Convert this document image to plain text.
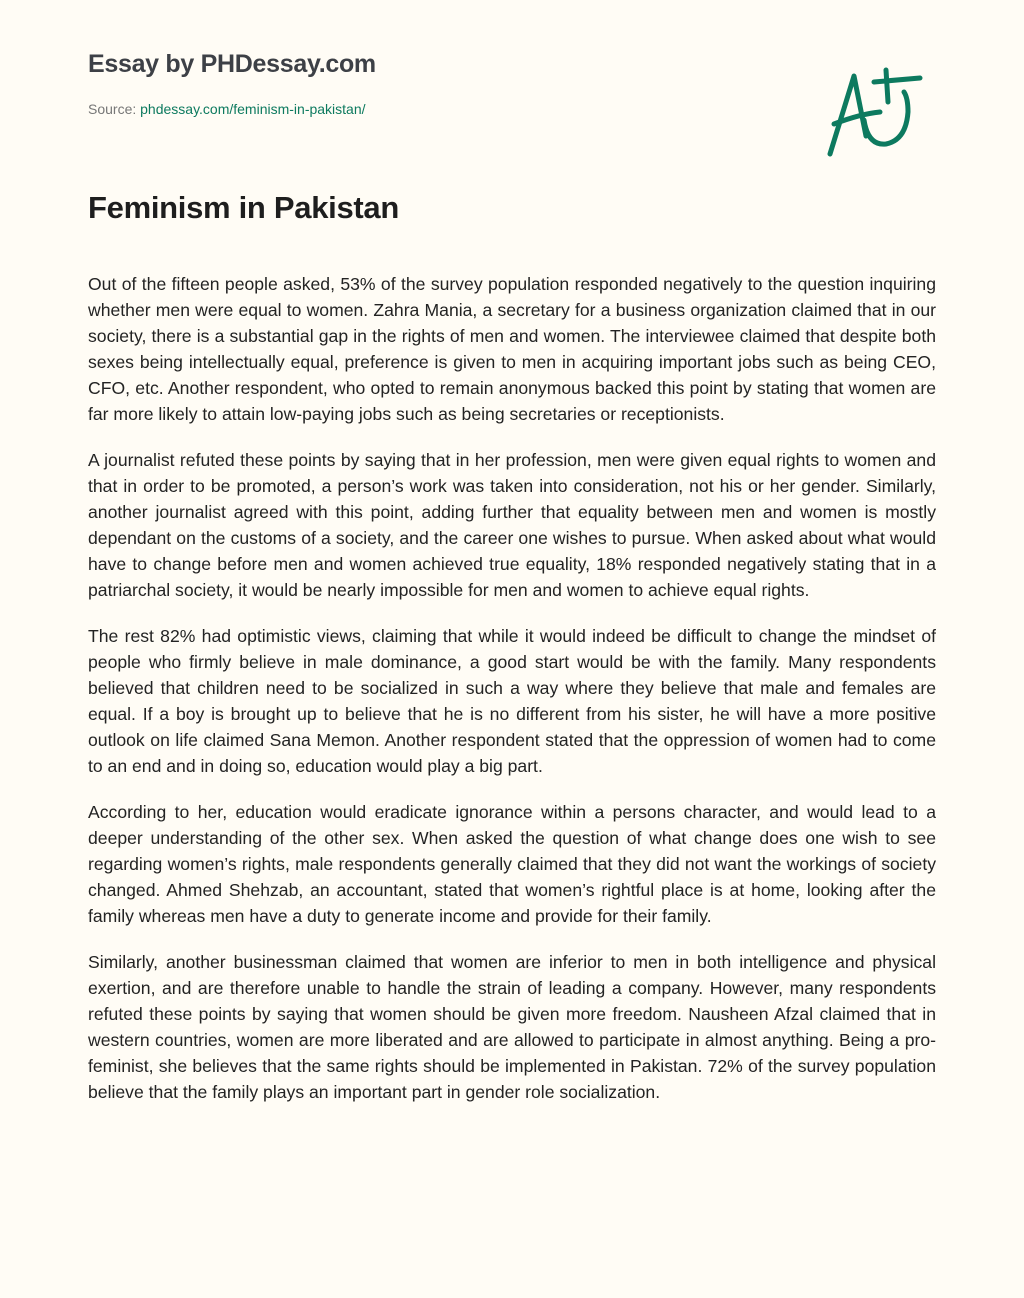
Essay by PHDessay.com
Source: phdessay.com/feminism-in-pakistan/
Feminism in Pakistan

Out of the fifteen people asked, 53% of the survey population responded negatively to the question inquiring whether men were equal to women. Zahra Mania, a secretary for a business organization claimed that in our society, there is a substantial gap in the rights of men and women. The interviewee claimed that despite both sexes being intellectually equal, preference is given to men in acquiring important jobs such as being CEO, CFO, etc. Another respondent, who opted to remain anonymous backed this point by stating that women are far more likely to attain low-paying jobs such as being secretaries or receptionists.

A journalist refuted these points by saying that in her profession, men were given equal rights to women and that in order to be promoted, a person’s work was taken into consideration, not his or her gender. Similarly, another journalist agreed with this point, adding further that equality between men and women is mostly dependant on the customs of a society, and the career one wishes to pursue. When asked about what would have to change before men and women achieved true equality, 18% responded negatively stating that in a patriarchal society, it would be nearly impossible for men and women to achieve equal rights.

The rest 82% had optimistic views, claiming that while it would indeed be difficult to change the mindset of people who firmly believe in male dominance, a good start would be with the family. Many respondents believed that children need to be socialized in such a way where they believe that male and females are equal. If a boy is brought up to believe that he is no different from his sister, he will have a more positive outlook on life claimed Sana Memon. Another respondent stated that the oppression of women had to come to an end and in doing so, education would play a big part.

According to her, education would eradicate ignorance within a persons character, and would lead to a deeper understanding of the other sex. When asked the question of what change does one wish to see regarding women’s rights, male respondents generally claimed that they did not want the workings of society changed. Ahmed Shehzab, an accountant, stated that women’s rightful place is at home, looking after the family whereas men have a duty to generate income and provide for their family.

Similarly, another businessman claimed that women are inferior to men in both intelligence and physical exertion, and are therefore unable to handle the strain of leading a company. However, many respondents refuted these points by saying that women should be given more freedom. Nausheen Afzal claimed that in western countries, women are more liberated and are allowed to participate in almost anything. Being a pro-feminist, she believes that the same rights should be implemented in Pakistan. 72% of the survey population believe that the family plays an important part in gender role socialization.
